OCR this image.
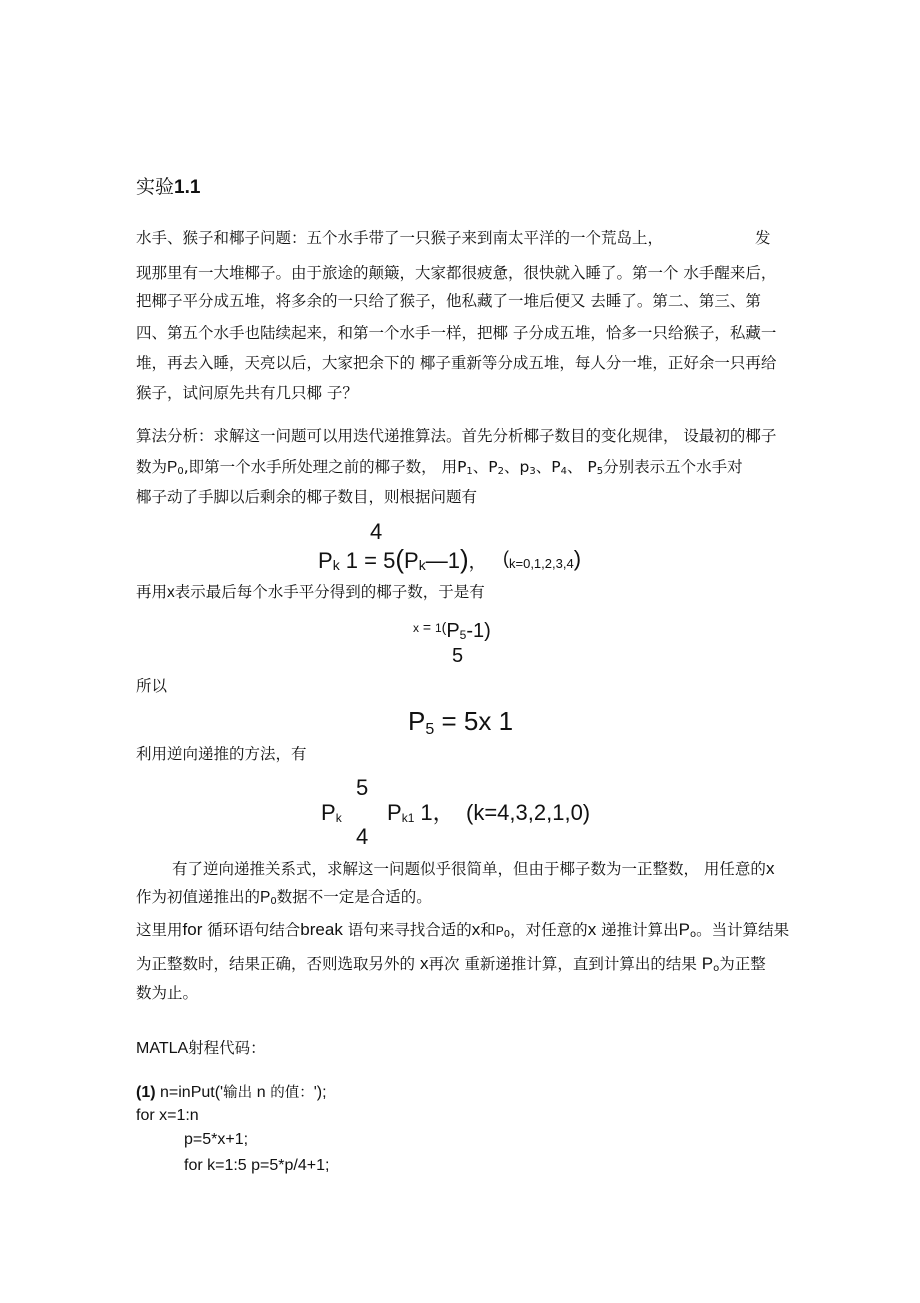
实验1.1
水手、猴子和椰子问题：五个水手带了一只猴子来到南太平洋的一个荒岛上，	发
现那里有一大堆椰子。由于旅途的颠簸，大家都很疲惫，很快就入睡了。第一个 水手醒来后，
把椰子平分成五堆，将多余的一只给了猴子，他私藏了一堆后便又 去睡了。第二、第三、第
四、第五个水手也陆续起来，和第一个水手一样，把椰 子分成五堆，恰多一只给猴子，私藏一
堆，再去入睡，天亮以后，大家把余下的 椰子重新等分成五堆，每人分一堆，正好余一只再给
猴子，试问原先共有几只椰 子？
算法分析：求解这一问题可以用迭代递推算法。首先分析椰子数目的变化规律， 设最初的椰子
数为$P_0$,即第一个水手所处理之前的椰子数， 用$P_1$、$P_2$、$p_3$、$P_4$、 $P_5$分别表示五个水手对
椰子动了手脚以后剩余的椰子数目，则根据问题有
4
$P_k$ $1 = 5(P_k—1)$， (k=0,1,2,3,4)
再用x表示最后每个水手平分得到的椰子数，于是有
$^x$ = $^{1(}P_5-1$)
5
所以
$P_5 = 5x$ 1
利用逆向递推的方法，有
5
$P_k$ $P_{k1}$ 1， (k=4,3,2,1,0)
4
有了逆向递推关系式，求解这一问题似乎很简单，但由于椰子数为一正整数， 用任意的x
作为初值递推出的$P_0$数据不一定是合适的。
这里用for 循环语句结合break 语句来寻找合适的x和$P_0$，对任意的x 递推计算出$P_o$。当计算结果
为正整数时，结果正确，否则选取另外的 x再次 重新递推计算，直到计算出的结果 $P_o$为正整
数为止。
MATLA射程代码：
(1) n=inPut('输出 n 的值：');
for x=1:n
p=5*x+1;
for k=1:5 p=5*p/4+1;
